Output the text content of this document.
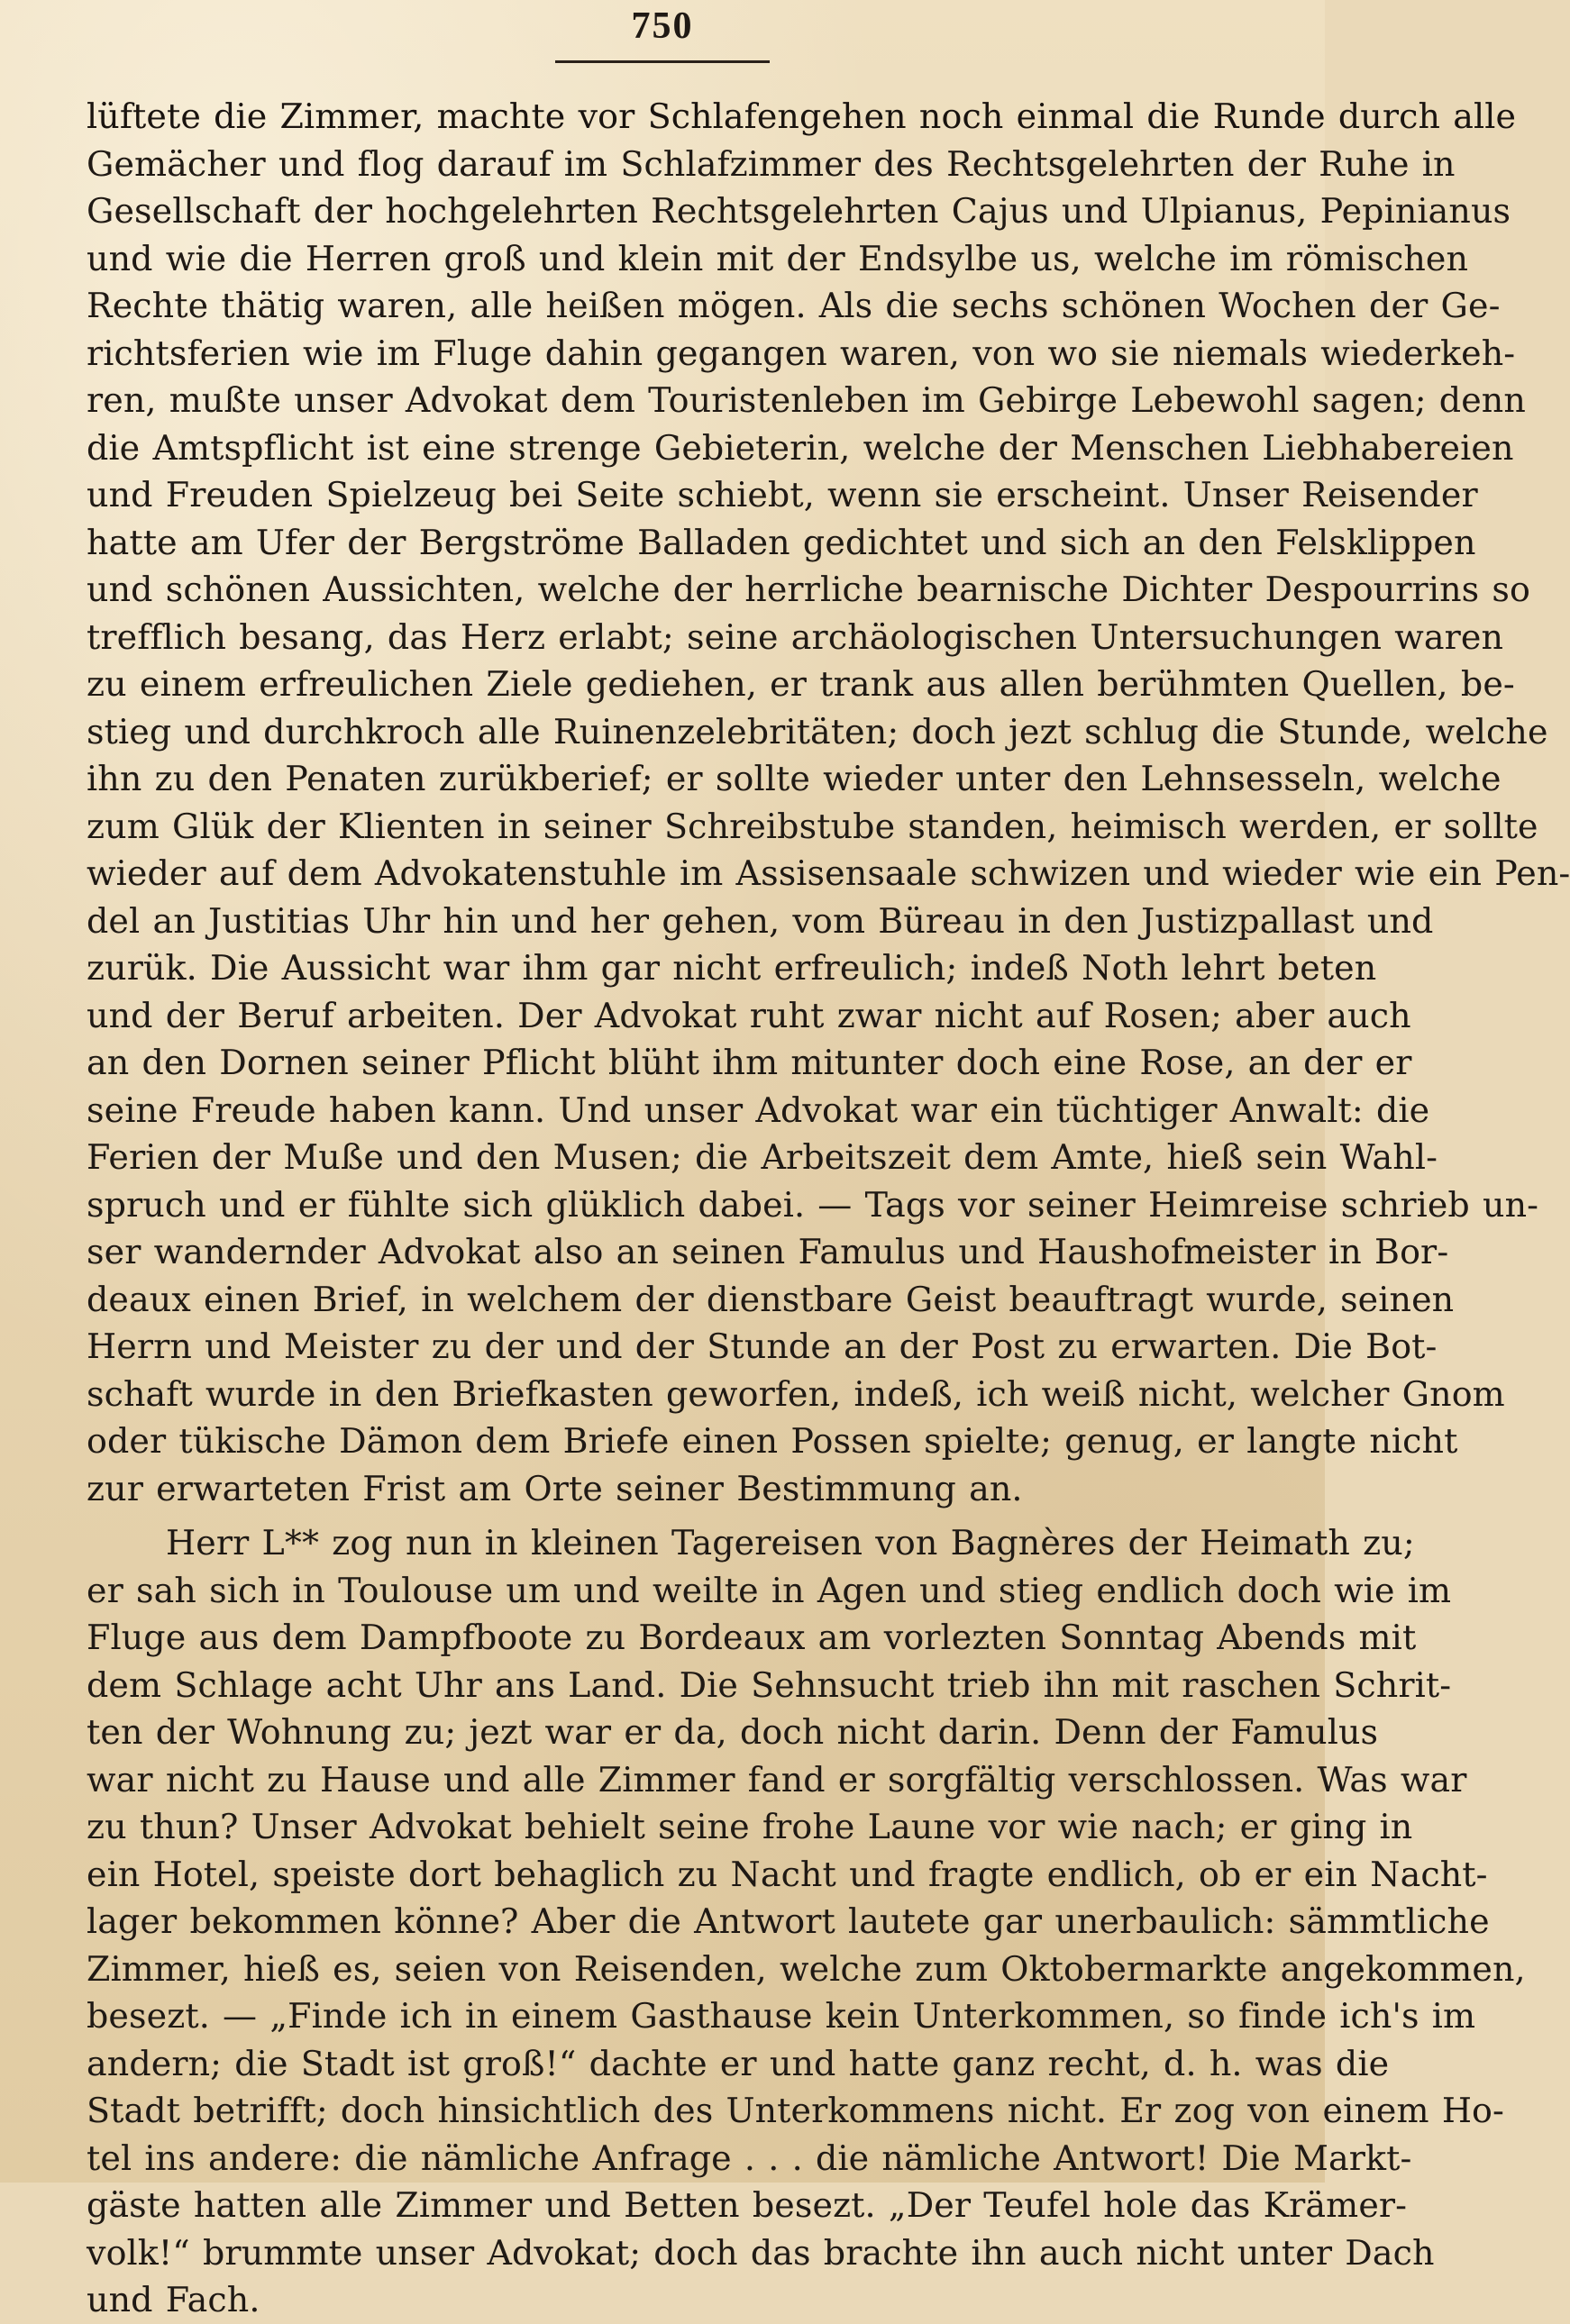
750
lüftete die Zimmer, machte vor Schlafengehen noch einmal die Runde durch alle
Gemächer und flog darauf im Schlafzimmer des Rechtsgelehrten der Ruhe in
Gesellschaft der hochgelehrten Rechtsgelehrten Cajus und Ulpianus, Pepinianus
und wie die Herren groß und klein mit der Endsylbe us, welche im römischen
Rechte thätig waren, alle heißen mögen. Als die sechs schönen Wochen der Ge-
richtsferien wie im Fluge dahin gegangen waren, von wo sie niemals wiederkeh-
ren, mußte unser Advokat dem Touristenleben im Gebirge Lebewohl sagen; denn
die Amtspflicht ist eine strenge Gebieterin, welche der Menschen Liebhabereien
und Freuden Spielzeug bei Seite schiebt, wenn sie erscheint. Unser Reisender
hatte am Ufer der Bergströme Balladen gedichtet und sich an den Felsklippen
und schönen Aussichten, welche der herrliche bearnische Dichter Despourrins so
trefflich besang, das Herz erlabt; seine archäologischen Untersuchungen waren
zu einem erfreulichen Ziele gediehen, er trank aus allen berühmten Quellen, be-
stieg und durchkroch alle Ruinenzelebritäten; doch jezt schlug die Stunde, welche
ihn zu den Penaten zurükberief; er sollte wieder unter den Lehnsesseln, welche
zum Glük der Klienten in seiner Schreibstube standen, heimisch werden, er sollte
wieder auf dem Advokatenstuhle im Assisensaale schwizen und wieder wie ein Pen-
del an Justitias Uhr hin und her gehen, vom Büreau in den Justizpallast und
zurük. Die Aussicht war ihm gar nicht erfreulich; indeß Noth lehrt beten
und der Beruf arbeiten. Der Advokat ruht zwar nicht auf Rosen; aber auch
an den Dornen seiner Pflicht blüht ihm mitunter doch eine Rose, an der er
seine Freude haben kann. Und unser Advokat war ein tüchtiger Anwalt: die
Ferien der Muße und den Musen; die Arbeitszeit dem Amte, hieß sein Wahl-
spruch und er fühlte sich glüklich dabei. — Tags vor seiner Heimreise schrieb un-
ser wandernder Advokat also an seinen Famulus und Haushofmeister in Bor-
deaux einen Brief, in welchem der dienstbare Geist beauftragt wurde, seinen
Herrn und Meister zu der und der Stunde an der Post zu erwarten. Die Bot-
schaft wurde in den Briefkasten geworfen, indeß, ich weiß nicht, welcher Gnom
oder tükische Dämon dem Briefe einen Possen spielte; genug, er langte nicht
zur erwarteten Frist am Orte seiner Bestimmung an.
Herr L** zog nun in kleinen Tagereisen von Bagnères der Heimath zu;
er sah sich in Toulouse um und weilte in Agen und stieg endlich doch wie im
Fluge aus dem Dampfboote zu Bordeaux am vorlezten Sonntag Abends mit
dem Schlage acht Uhr ans Land. Die Sehnsucht trieb ihn mit raschen Schrit-
ten der Wohnung zu; jezt war er da, doch nicht darin. Denn der Famulus
war nicht zu Hause und alle Zimmer fand er sorgfältig verschlossen. Was war
zu thun? Unser Advokat behielt seine frohe Laune vor wie nach; er ging in
ein Hotel, speiste dort behaglich zu Nacht und fragte endlich, ob er ein Nacht-
lager bekommen könne? Aber die Antwort lautete gar unerbaulich: sämmtliche
Zimmer, hieß es, seien von Reisenden, welche zum Oktobermarkte angekommen,
besezt. — „Finde ich in einem Gasthause kein Unterkommen, so finde ich's im
andern; die Stadt ist groß!“ dachte er und hatte ganz recht, d. h. was die
Stadt betrifft; doch hinsichtlich des Unterkommens nicht. Er zog von einem Ho-
tel ins andere: die nämliche Anfrage . . . die nämliche Antwort! Die Markt-
gäste hatten alle Zimmer und Betten besezt. „Der Teufel hole das Krämer-
volk!“ brummte unser Advokat; doch das brachte ihn auch nicht unter Dach
und Fach.
